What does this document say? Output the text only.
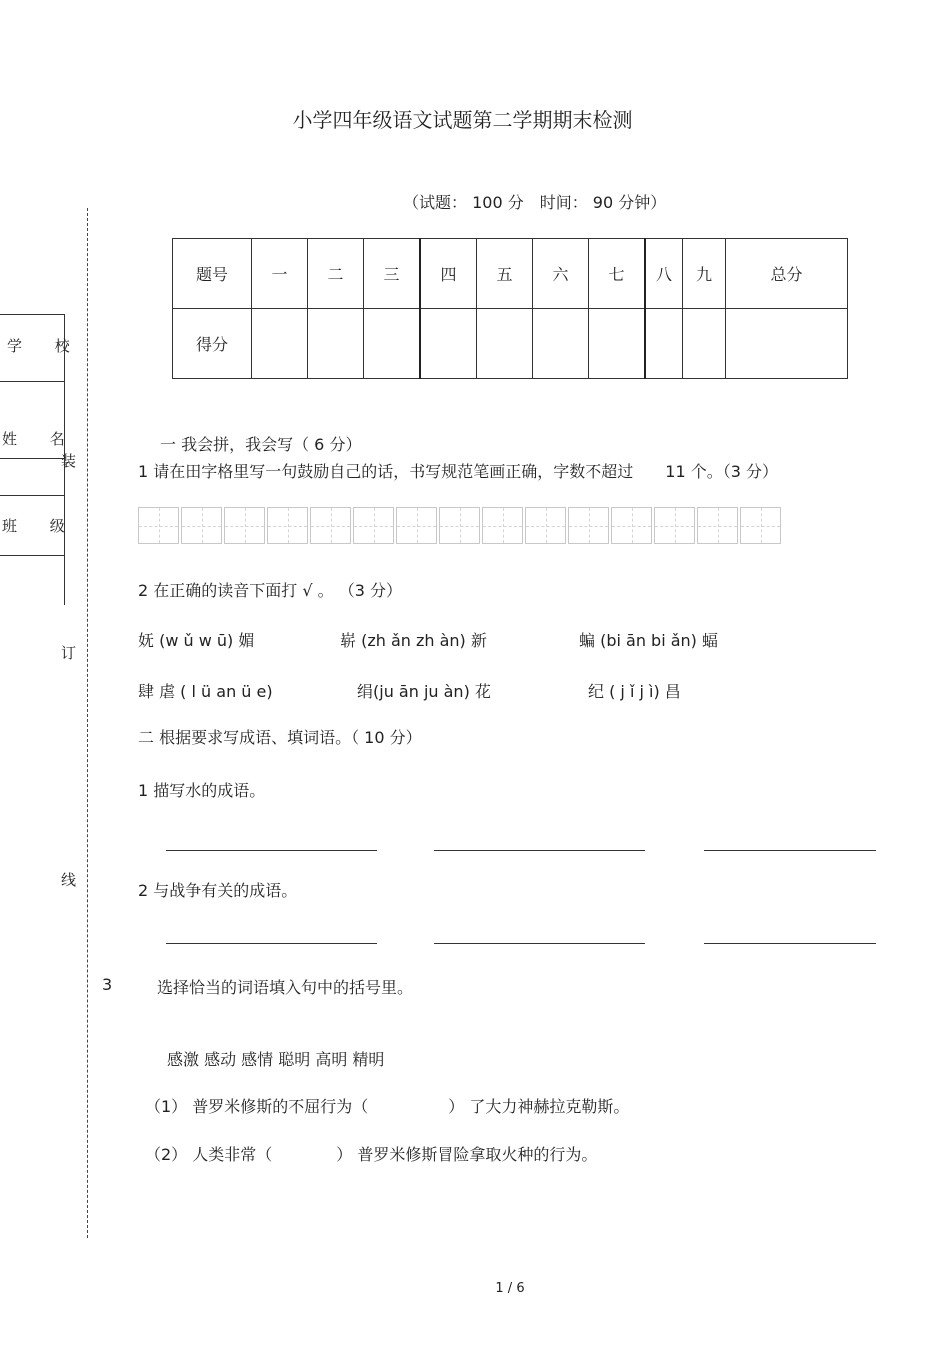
小学四年级语文试题第二学期期末检测
（试题： 100 分　时间： 90 分钟）
学 校
姓 名
班 级
装
订
线
题号	一	二	三	四	五	六	七	八	九	总分
得分										
一 我会拼，我会写（ 6 分）
1 请在田字格里写一句鼓励自己的话，书写规范笔画正确，字数不超过　　11 个。（3 分）
2 在正确的读音下面打 √ 。 （3 分）
妩 (w ǔ w ū) 媚	崭 (zh ǎn zh àn) 新	蝙 (bi ān bi ǎn) 蝠
肆 虐 ( l ü an ü e)	绢(ju ān ju àn) 花	纪 ( j ǐ j ì) 昌
二 根据要求写成语、填词语。（ 10 分）
1 描写水的成语。
2 与战争有关的成语。
3	选择恰当的词语填入句中的括号里。
感激 感动 感情 聪明 高明 精明
（1） 普罗米修斯的不屈行为（　　　　　） 了大力神赫拉克勒斯。
（2） 人类非常（　　　　） 普罗米修斯冒险拿取火种的行为。
1 / 6
